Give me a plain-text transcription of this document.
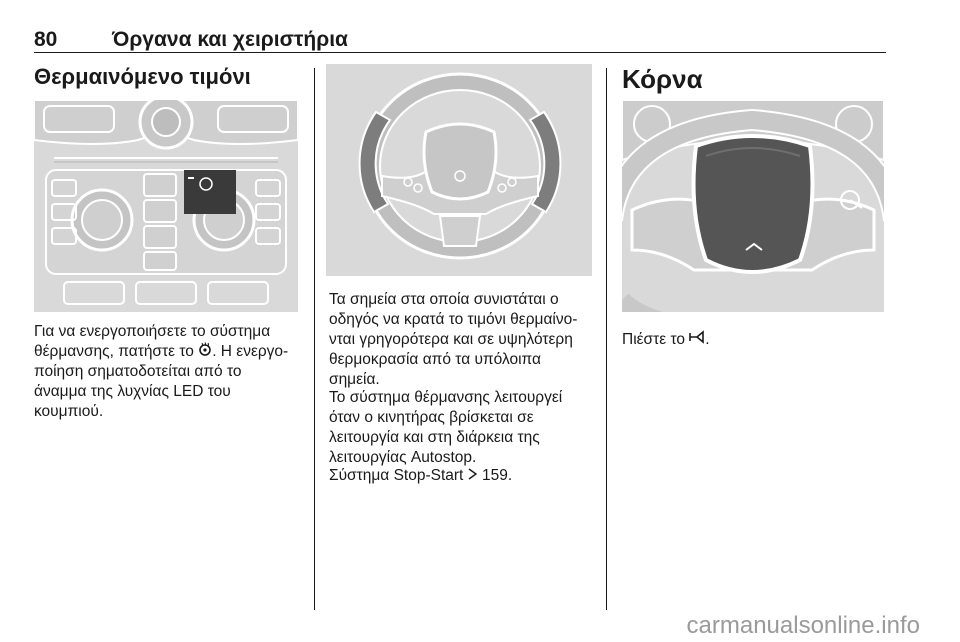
80	Όργανα και χειριστήρια
Θερμαινόμενο τιμόνι
Για να ενεργοποιήσετε το σύστημα
θέρμανσης, πατήστε το . Η ενεργο-
ποίηση σηματοδοτείται από το
άναμμα της λυχνίας LED του
κουμπιού.
Τα σημεία στα οποία συνιστάται ο
οδηγός να κρατά το τιμόνι θερμαίνο-
νται γρηγορότερα και σε υψηλότερη
θερμοκρασία από τα υπόλοιπα
σημεία.
Το σύστημα θέρμανσης λειτουργεί
όταν ο κινητήρας βρίσκεται σε
λειτουργία και στη διάρκεια της
λειτουργίας Autostop.
Σύστημα Stop-Start 159.
Κόρνα
Πιέστε το .
carmanualsonline.info
